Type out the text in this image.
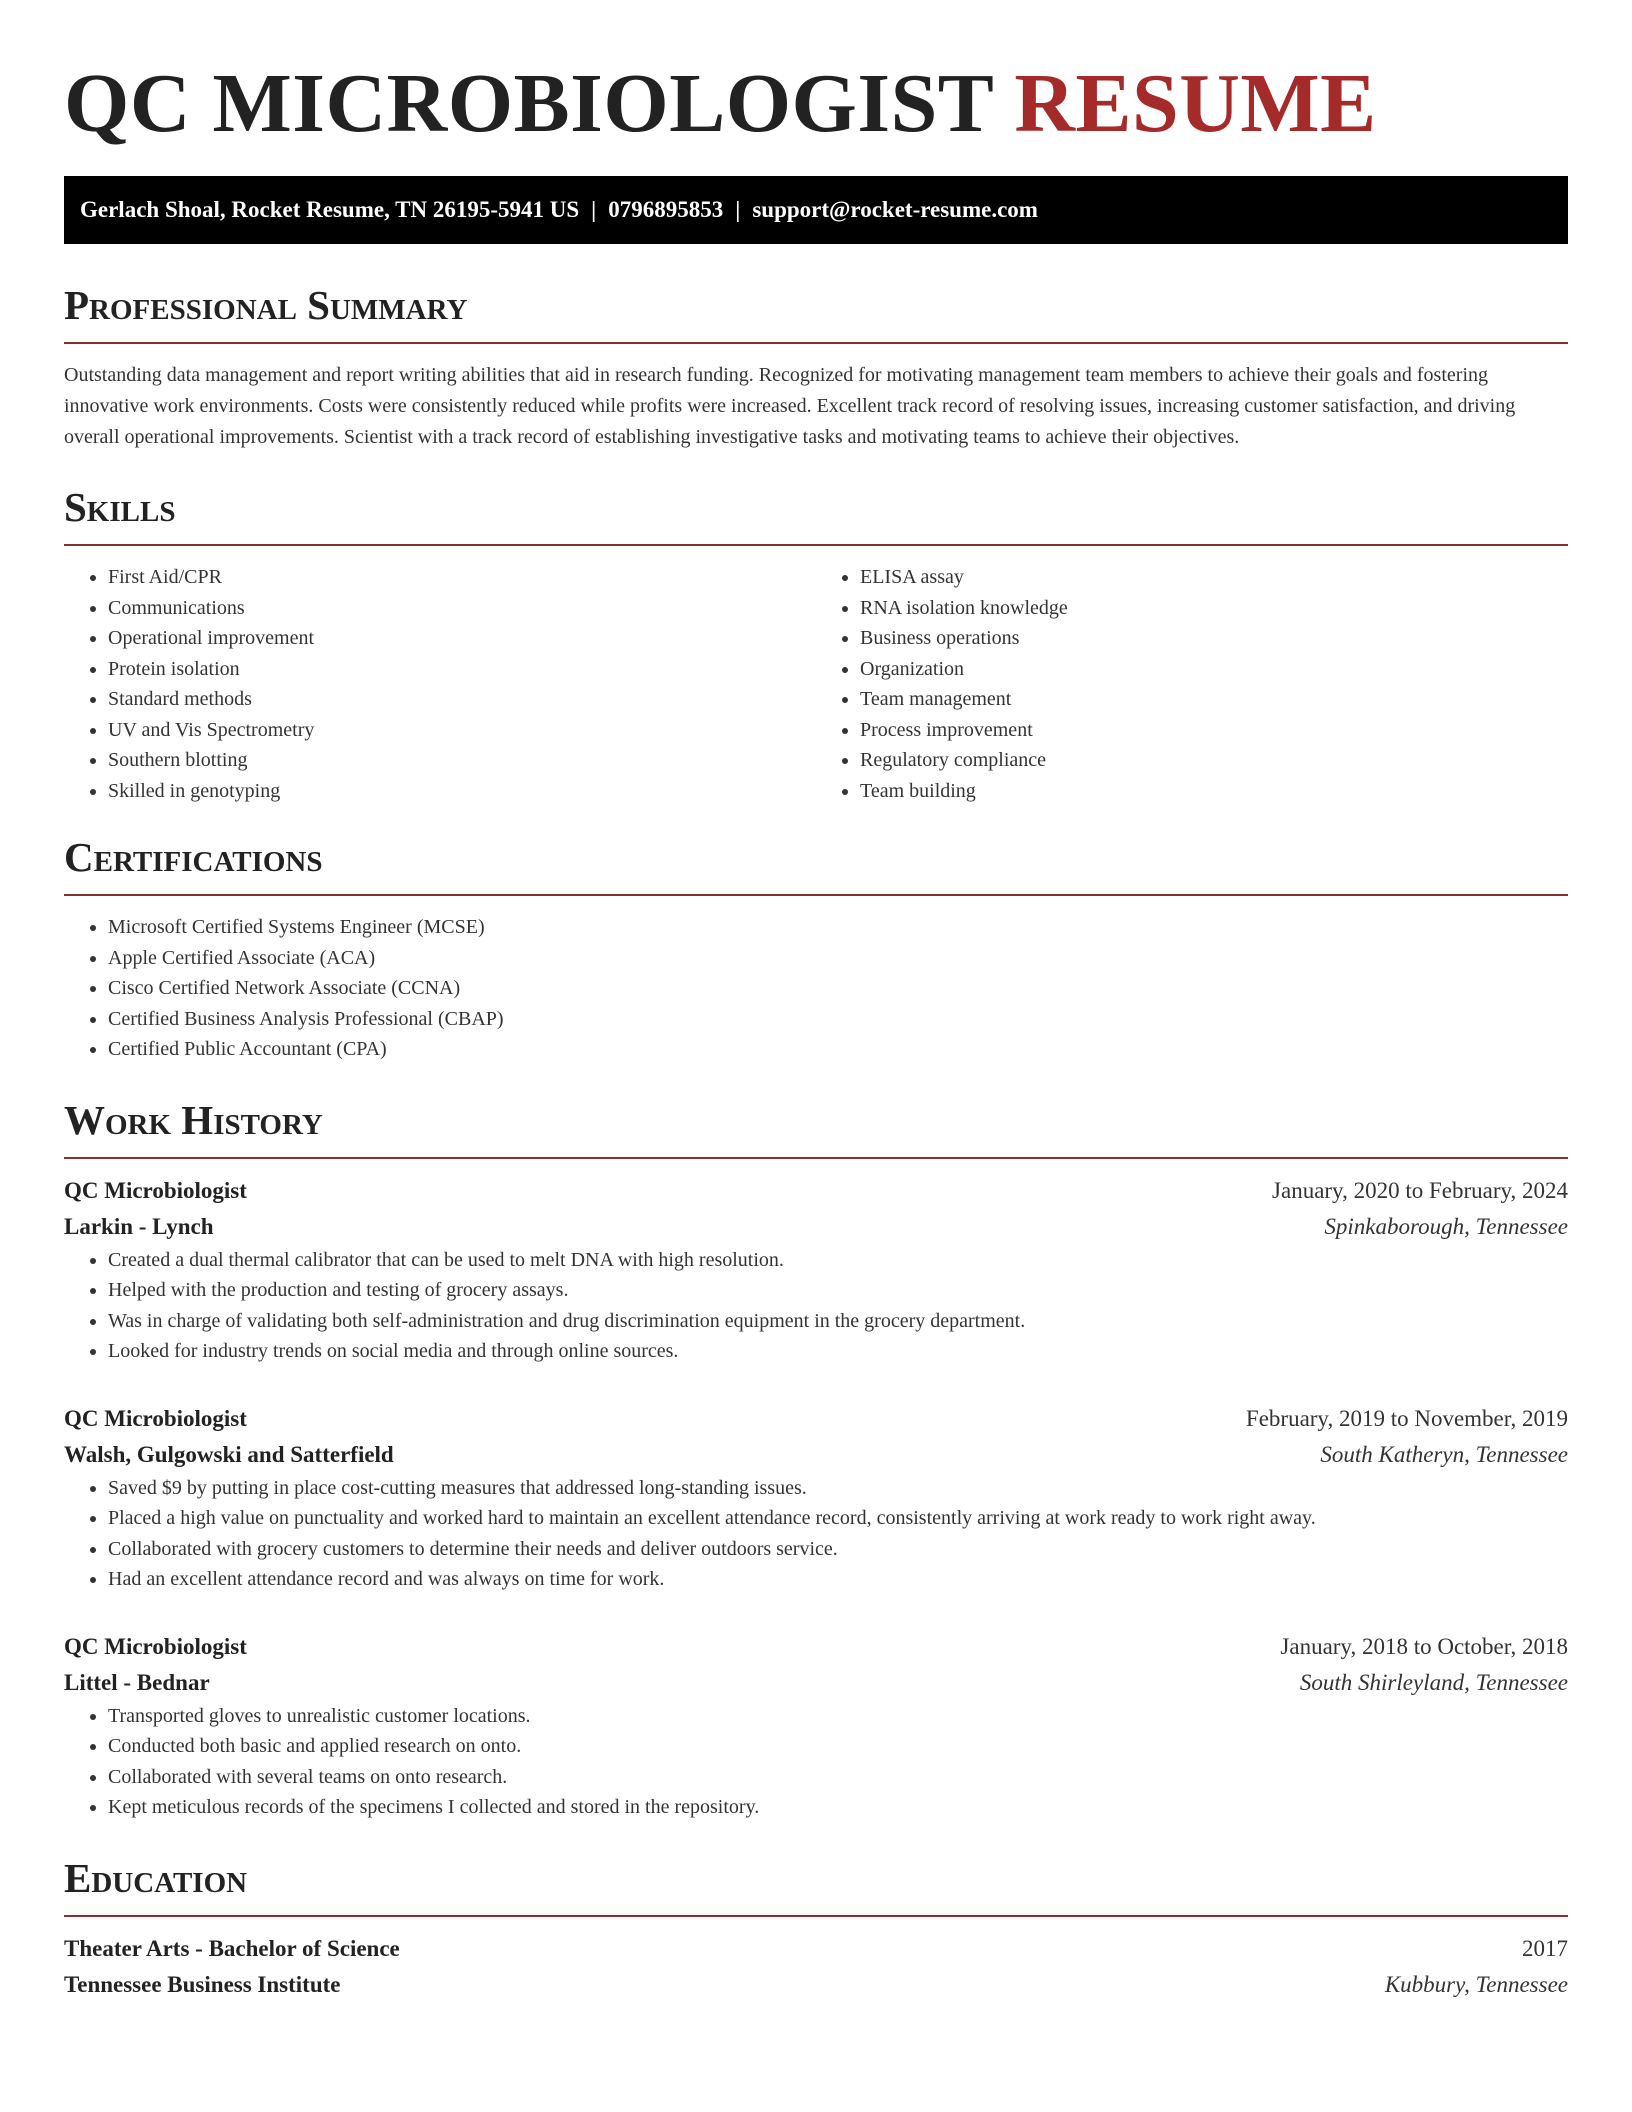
QC MICROBIOLOGIST RESUME
Gerlach Shoal, Rocket Resume, TN 26195-5941 US | 0796895853 | support@rocket-resume.com
Professional Summary

Outstanding data management and report writing abilities that aid in research funding. Recognized for motivating management team members to achieve their goals and fostering innovative work environments. Costs were consistently reduced while profits were increased. Excellent track record of resolving issues, increasing customer satisfaction, and driving overall operational improvements. Scientist with a track record of establishing investigative tasks and motivating teams to achieve their objectives.

Skills
• First Aid/CPR
• Communications
• Operational improvement
• Protein isolation
• Standard methods
• UV and Vis Spectrometry
• Southern blotting
• Skilled in genotyping
• ELISA assay
• RNA isolation knowledge
• Business operations
• Organization
• Team management
• Process improvement
• Regulatory compliance
• Team building
Certifications
• Microsoft Certified Systems Engineer (MCSE)
• Apple Certified Associate (ACA)
• Cisco Certified Network Associate (CCNA)
• Certified Business Analysis Professional (CBAP)
• Certified Public Accountant (CPA)
Work History
QC Microbiologist	January, 2020 to February, 2024
Larkin - Lynch	Spinkaborough, Tennessee
• Created a dual thermal calibrator that can be used to melt DNA with high resolution.
• Helped with the production and testing of grocery assays.
• Was in charge of validating both self-administration and drug discrimination equipment in the grocery department.
• Looked for industry trends on social media and through online sources.
QC Microbiologist	February, 2019 to November, 2019
Walsh, Gulgowski and Satterfield	South Katheryn, Tennessee
• Saved $9 by putting in place cost-cutting measures that addressed long-standing issues.
• Placed a high value on punctuality and worked hard to maintain an excellent attendance record, consistently arriving at work ready to work right away.
• Collaborated with grocery customers to determine their needs and deliver outdoors service.
• Had an excellent attendance record and was always on time for work.
QC Microbiologist	January, 2018 to October, 2018
Littel - Bednar	South Shirleyland, Tennessee
• Transported gloves to unrealistic customer locations.
• Conducted both basic and applied research on onto.
• Collaborated with several teams on onto research.
• Kept meticulous records of the specimens I collected and stored in the repository.
Education
Theater Arts - Bachelor of Science	2017
Tennessee Business Institute	Kubbury, Tennessee
